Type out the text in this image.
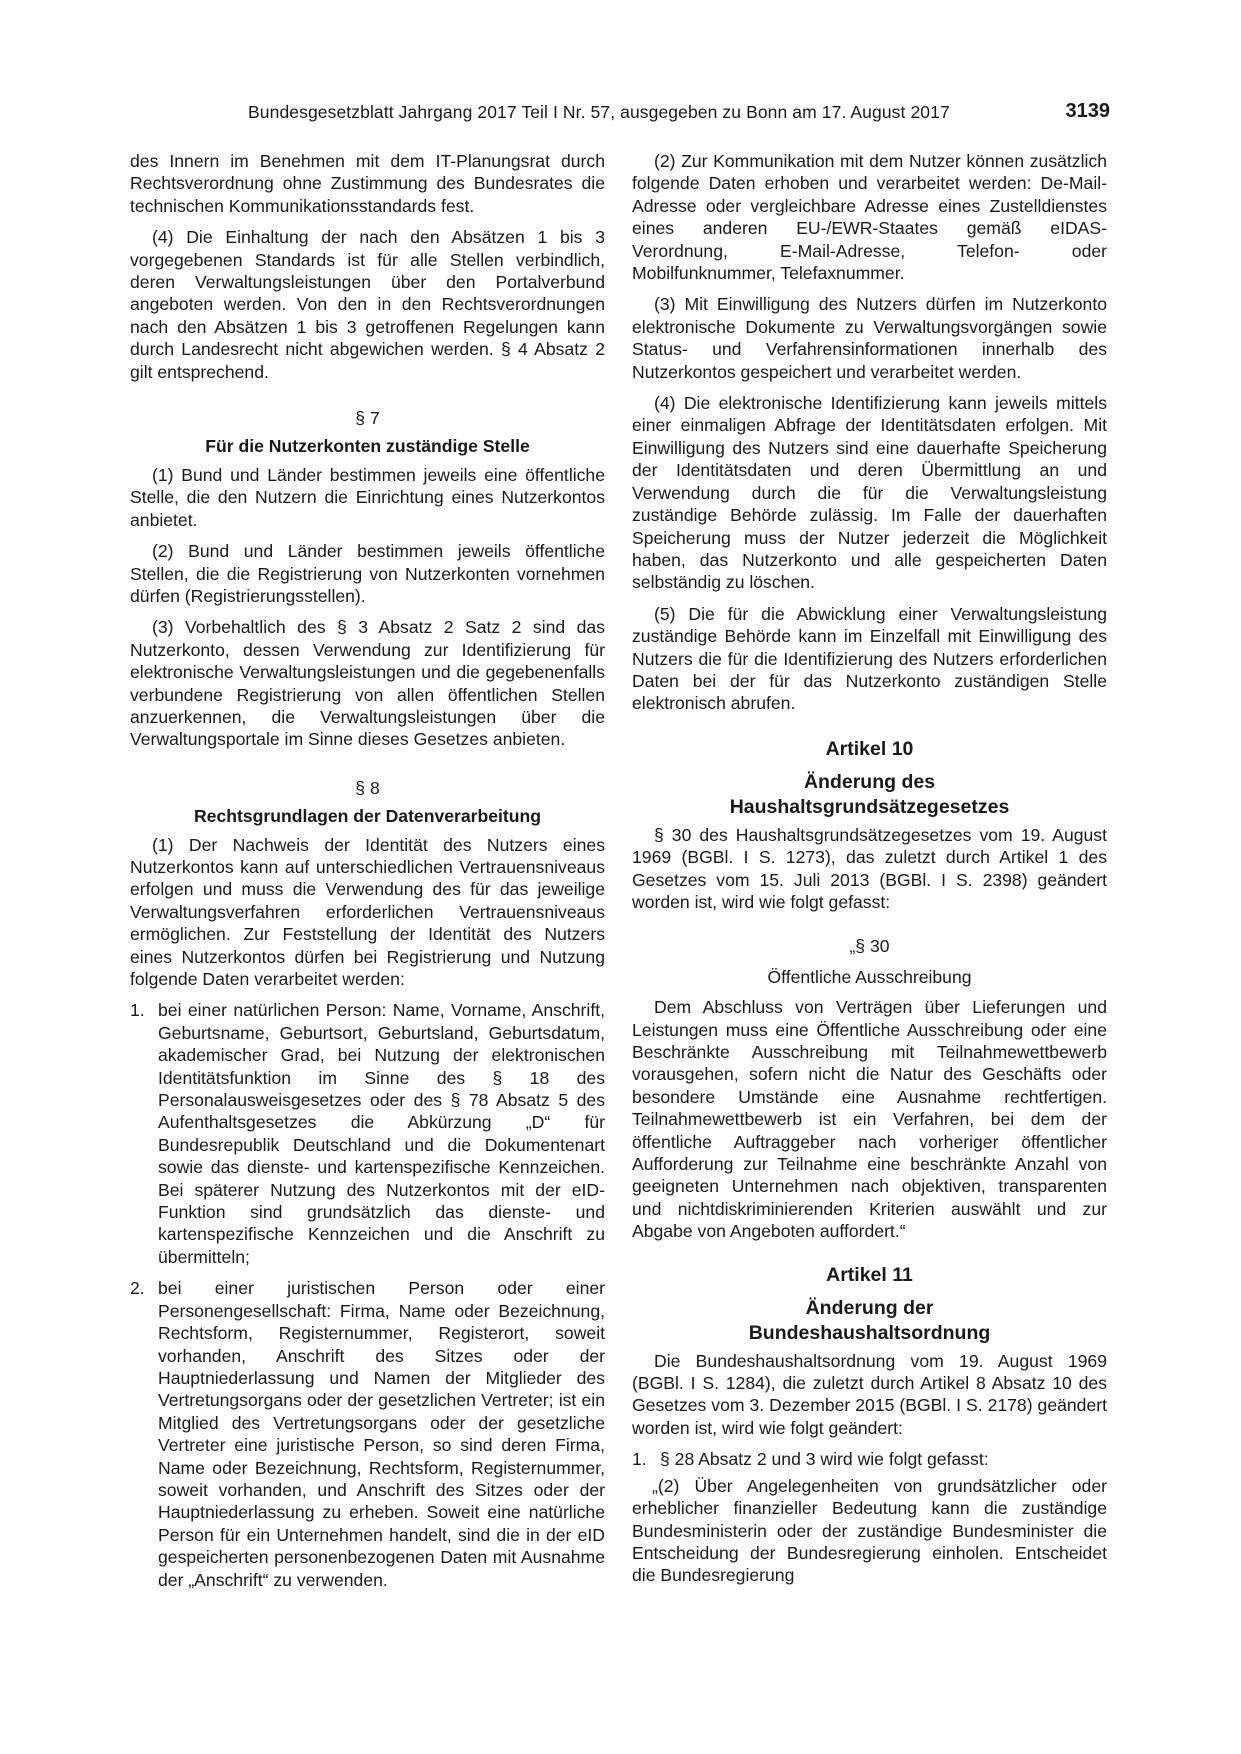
Bundesgesetzblatt Jahrgang 2017 Teil I Nr. 57, ausgegeben zu Bonn am 17. August 2017	3139

des Innern im Benehmen mit dem IT-Planungsrat durch Rechtsverordnung ohne Zustimmung des Bundesrates die technischen Kommunikationsstandards fest.

(4) Die Einhaltung der nach den Absätzen 1 bis 3 vorgegebenen Standards ist für alle Stellen verbindlich, deren Verwaltungsleistungen über den Portalverbund angeboten werden. Von den in den Rechtsverordnungen nach den Absätzen 1 bis 3 getroffenen Regelungen kann durch Landesrecht nicht abgewichen werden. § 4 Absatz 2 gilt entsprechend.

§ 7
Für die Nutzerkonten zuständige Stelle

(1) Bund und Länder bestimmen jeweils eine öffentliche Stelle, die den Nutzern die Einrichtung eines Nutzerkontos anbietet.

(2) Bund und Länder bestimmen jeweils öffentliche Stellen, die die Registrierung von Nutzerkonten vornehmen dürfen (Registrierungsstellen).

(3) Vorbehaltlich des § 3 Absatz 2 Satz 2 sind das Nutzerkonto, dessen Verwendung zur Identifizierung für elektronische Verwaltungsleistungen und die gegebenenfalls verbundene Registrierung von allen öffentlichen Stellen anzuerkennen, die Verwaltungsleistungen über die Verwaltungsportale im Sinne dieses Gesetzes anbieten.

§ 8
Rechtsgrundlagen der Datenverarbeitung

(1) Der Nachweis der Identität des Nutzers eines Nutzerkontos kann auf unterschiedlichen Vertrauensniveaus erfolgen und muss die Verwendung des für das jeweilige Verwaltungsverfahren erforderlichen Vertrauensniveaus ermöglichen. Zur Feststellung der Identität des Nutzers eines Nutzerkontos dürfen bei Registrierung und Nutzung folgende Daten verarbeitet werden:

1. bei einer natürlichen Person: Name, Vorname, Anschrift, Geburtsname, Geburtsort, Geburtsland, Geburtsdatum, akademischer Grad, bei Nutzung der elektronischen Identitätsfunktion im Sinne des § 18 des Personalausweisgesetzes oder des § 78 Absatz 5 des Aufenthaltsgesetzes die Abkürzung „D“ für Bundesrepublik Deutschland und die Dokumentenart sowie das dienste- und kartenspezifische Kennzeichen. Bei späterer Nutzung des Nutzerkontos mit der eID-Funktion sind grundsätzlich das dienste- und kartenspezifische Kennzeichen und die Anschrift zu übermitteln;
2. bei einer juristischen Person oder einer Personengesellschaft: Firma, Name oder Bezeichnung, Rechtsform, Registernummer, Registerort, soweit vorhanden, Anschrift des Sitzes oder der Hauptniederlassung und Namen der Mitglieder des Vertretungsorgans oder der gesetzlichen Vertreter; ist ein Mitglied des Vertretungsorgans oder der gesetzliche Vertreter eine juristische Person, so sind deren Firma, Name oder Bezeichnung, Rechtsform, Registernummer, soweit vorhanden, und Anschrift des Sitzes oder der Hauptniederlassung zu erheben. Soweit eine natürliche Person für ein Unternehmen handelt, sind die in der eID gespeicherten personenbezogenen Daten mit Ausnahme der „Anschrift“ zu verwenden.

(2) Zur Kommunikation mit dem Nutzer können zusätzlich folgende Daten erhoben und verarbeitet werden: De-Mail-Adresse oder vergleichbare Adresse eines Zustelldienstes eines anderen EU-/EWR-Staates gemäß eIDAS-Verordnung, E-Mail-Adresse, Telefon- oder Mobilfunknummer, Telefaxnummer.

(3) Mit Einwilligung des Nutzers dürfen im Nutzerkonto elektronische Dokumente zu Verwaltungsvorgängen sowie Status- und Verfahrensinformationen innerhalb des Nutzerkontos gespeichert und verarbeitet werden.

(4) Die elektronische Identifizierung kann jeweils mittels einer einmaligen Abfrage der Identitätsdaten erfolgen. Mit Einwilligung des Nutzers sind eine dauerhafte Speicherung der Identitätsdaten und deren Übermittlung an und Verwendung durch die für die Verwaltungsleistung zuständige Behörde zulässig. Im Falle der dauerhaften Speicherung muss der Nutzer jederzeit die Möglichkeit haben, das Nutzerkonto und alle gespeicherten Daten selbständig zu löschen.

(5) Die für die Abwicklung einer Verwaltungsleistung zuständige Behörde kann im Einzelfall mit Einwilligung des Nutzers die für die Identifizierung des Nutzers erforderlichen Daten bei der für das Nutzerkonto zuständigen Stelle elektronisch abrufen.

Artikel 10
Änderung des
Haushaltsgrundsätzegesetzes

§ 30 des Haushaltsgrundsätzegesetzes vom 19. August 1969 (BGBl. I S. 1273), das zuletzt durch Artikel 1 des Gesetzes vom 15. Juli 2013 (BGBl. I S. 2398) geändert worden ist, wird wie folgt gefasst:

„§ 30
Öffentliche Ausschreibung

Dem Abschluss von Verträgen über Lieferungen und Leistungen muss eine Öffentliche Ausschreibung oder eine Beschränkte Ausschreibung mit Teilnahmewettbewerb vorausgehen, sofern nicht die Natur des Geschäfts oder besondere Umstände eine Ausnahme rechtfertigen. Teilnahmewettbewerb ist ein Verfahren, bei dem der öffentliche Auftraggeber nach vorheriger öffentlicher Aufforderung zur Teilnahme eine beschränkte Anzahl von geeigneten Unternehmen nach objektiven, transparenten und nichtdiskriminierenden Kriterien auswählt und zur Abgabe von Angeboten auffordert.“

Artikel 11
Änderung der
Bundeshaushaltsordnung

Die Bundeshaushaltsordnung vom 19. August 1969 (BGBl. I S. 1284), die zuletzt durch Artikel 8 Absatz 10 des Gesetzes vom 3. Dezember 2015 (BGBl. I S. 2178) geändert worden ist, wird wie folgt geändert:

1. § 28 Absatz 2 und 3 wird wie folgt gefasst:

„(2) Über Angelegenheiten von grundsätzlicher oder erheblicher finanzieller Bedeutung kann die zuständige Bundesministerin oder der zuständige Bundesminister die Entscheidung der Bundesregierung einholen. Entscheidet die Bundesregierung
